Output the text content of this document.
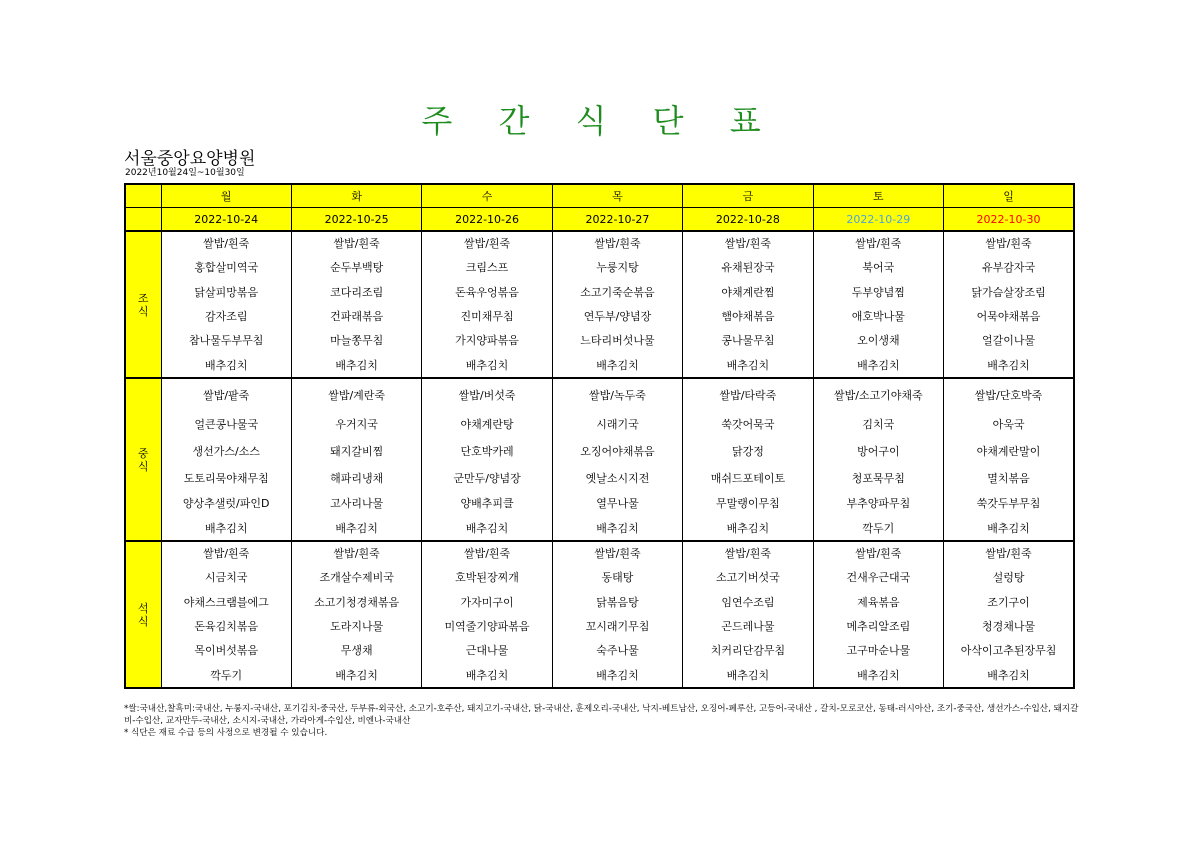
주 간 식 단 표
서울중앙요양병원
2022년10월24일~10월30일
	월	화	수	목	금	토	일
	2022-10-24	2022-10-25	2022-10-26	2022-10-27	2022-10-28	2022-10-29	2022-10-30
조
식	쌀밥/흰죽	쌀밥/흰죽	쌀밥/흰죽	쌀밥/흰죽	쌀밥/흰죽	쌀밥/흰죽	쌀밥/흰죽
	홍합살미역국	순두부백탕	크림스프	누룽지탕	유채된장국	북어국	유부감자국
	닭살피망볶음	코다리조림	돈육우엉볶음	소고기죽순볶음	야채계란찜	두부양념찜	닭가슴살장조림
	감자조림	건파래볶음	진미채무침	연두부/양념장	햄야채볶음	애호박나물	어묵야채볶음
	참나물두부무침	마늘쫑무침	가지양파볶음	느타리버섯나물	콩나물무침	오이생채	얼갈이나물
	배추김치	배추김치	배추김치	배추김치	배추김치	배추김치	배추김치
중
식	쌀밥/팥죽	쌀밥/계란죽	쌀밥/버섯죽	쌀밥/녹두죽	쌀밥/타락죽	쌀밥/소고기야채죽	쌀밥/단호박죽
	얼큰콩나물국	우거지국	야채계란탕	시래기국	쑥갓어묵국	김치국	아욱국
	생선가스/소스	돼지갈비찜	단호박카레	오징어야채볶음	닭강정	방어구이	야채계란말이
	도토리묵야채무침	해파리냉채	군만두/양념장	옛날소시지전	매쉬드포테이토	청포묵무침	멸치볶음
	양상추샐럿/파인D	고사리나물	양배추피클	열무나물	무말랭이무침	부추양파무침	쑥갓두부무침
	배추김치	배추김치	배추김치	배추김치	배추김치	깍두기	배추김치
석
식	쌀밥/흰죽	쌀밥/흰죽	쌀밥/흰죽	쌀밥/흰죽	쌀밥/흰죽	쌀밥/흰죽	쌀밥/흰죽
	시금치국	조개살수제비국	호박된장찌개	동태탕	소고기버섯국	건새우근대국	설렁탕
	야채스크램블에그	소고기청경채볶음	가자미구이	닭볶음탕	임연수조림	제육볶음	조기구이
	돈육김치볶음	도라지나물	미역줄기양파볶음	꼬시래기무침	곤드레나물	메추리알조림	청경채나물
	목이버섯볶음	무생채	근대나물	숙주나물	치커리단감무침	고구마순나물	아삭이고추된장무침
	깍두기	배추김치	배추김치	배추김치	배추김치	배추김치	배추김치
*쌀:국내산,찰흑미:국내산, 누룽지-국내산, 포기김치-중국산, 두부류-외국산, 소고기-호주산, 돼지고기-국내산, 닭-국내산, 훈제오리-국내산, 낙지-베트남산, 오징어-페루산, 고등어-국내산 , 갈치-모로코산, 동태-러시아산, 조기-중국산, 생선가스-수입산, 돼지갈비-수입산, 교자만두-국내산, 소시지-국내산, 가라아게-수입산, 비엔나-국내산
* 식단은 재료 수급 등의 사정으로 변경될 수 있습니다.
